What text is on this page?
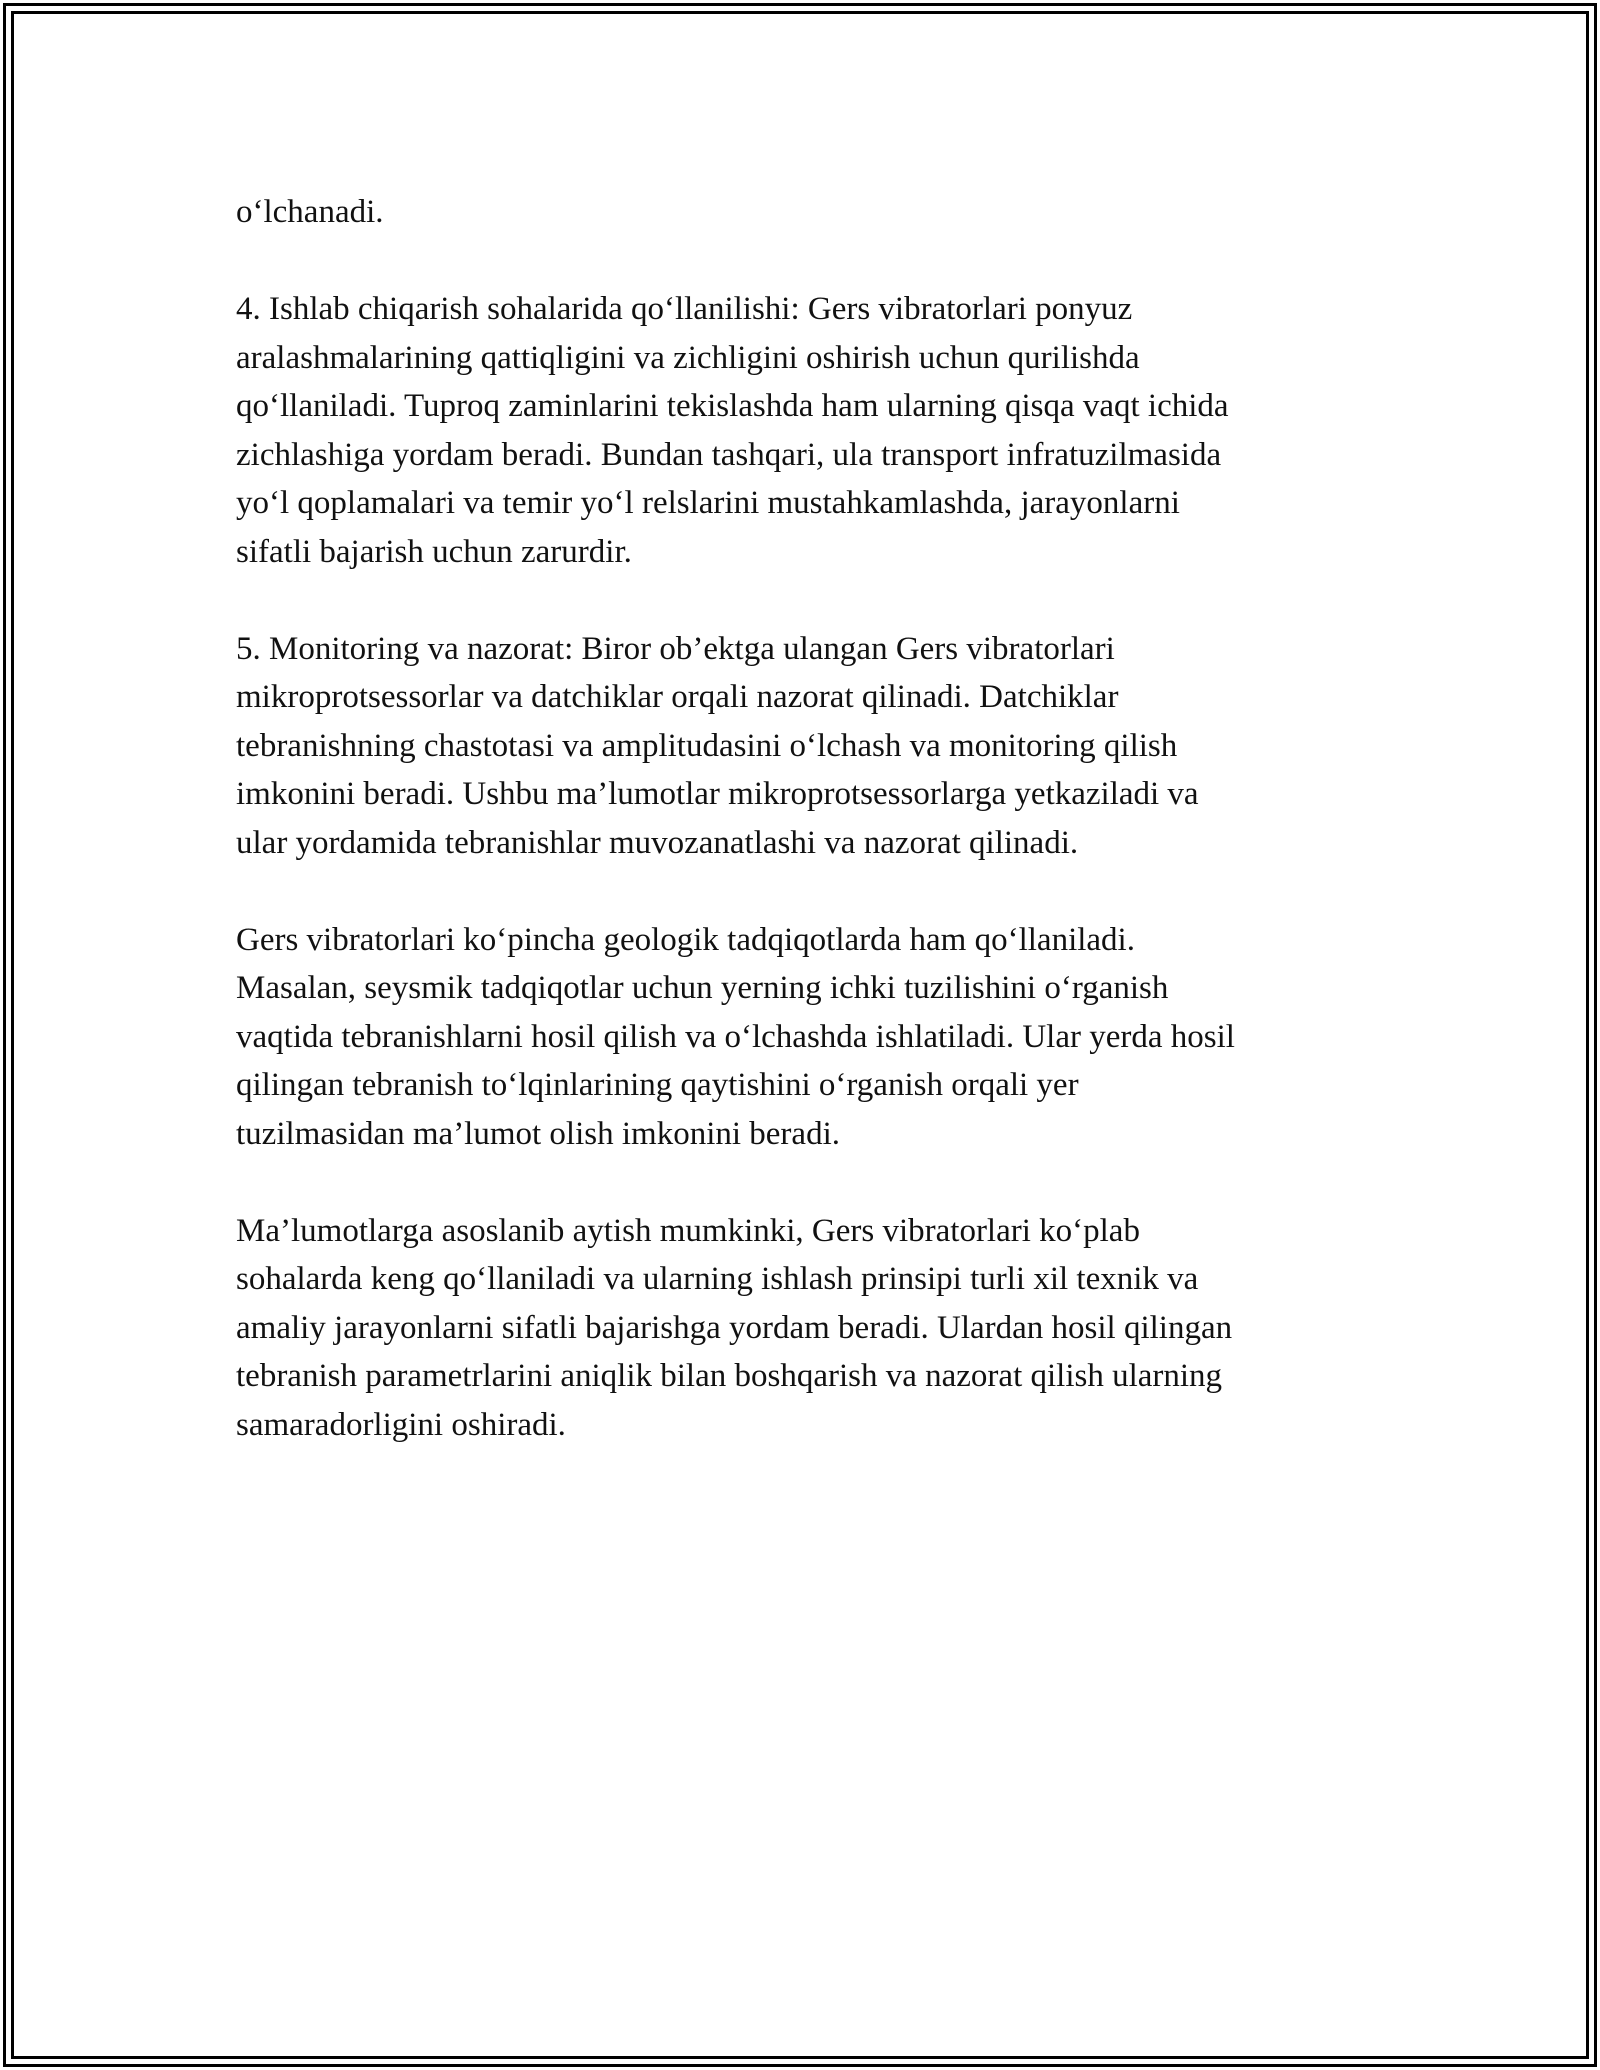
oʻlchanadi.

4. Ishlab chiqarish sohalarida qoʻllanilishi: Gers vibratorlari ponyuz
aralashmalarining qattiqligini va zichligini oshirish uchun qurilishda
qoʻllaniladi. Tuproq zaminlarini tekislashda ham ularning qisqa vaqt ichida
zichlashiga yordam beradi. Bundan tashqari, ula transport infratuzilmasida
yoʻl qoplamalari va temir yoʻl relslarini mustahkamlashda, jarayonlarni
sifatli bajarish uchun zarurdir.

5. Monitoring va nazorat: Biror ob’ektga ulangan Gers vibratorlari
mikroprotsessorlar va datchiklar orqali nazorat qilinadi. Datchiklar
tebranishning chastotasi va amplitudasini oʻlchash va monitoring qilish
imkonini beradi. Ushbu ma’lumotlar mikroprotsessorlarga yetkaziladi va
ular yordamida tebranishlar muvozanatlashi va nazorat qilinadi.

Gers vibratorlari koʻpincha geologik tadqiqotlarda ham qoʻllaniladi.
Masalan, seysmik tadqiqotlar uchun yerning ichki tuzilishini oʻrganish
vaqtida tebranishlarni hosil qilish va oʻlchashda ishlatiladi. Ular yerda hosil
qilingan tebranish toʻlqinlarining qaytishini oʻrganish orqali yer
tuzilmasidan ma’lumot olish imkonini beradi.

Ma’lumotlarga asoslanib aytish mumkinki, Gers vibratorlari koʻplab
sohalarda keng qoʻllaniladi va ularning ishlash prinsipi turli xil texnik va
amaliy jarayonlarni sifatli bajarishga yordam beradi. Ulardan hosil qilingan
tebranish parametrlarini aniqlik bilan boshqarish va nazorat qilish ularning
samaradorligini oshiradi.
